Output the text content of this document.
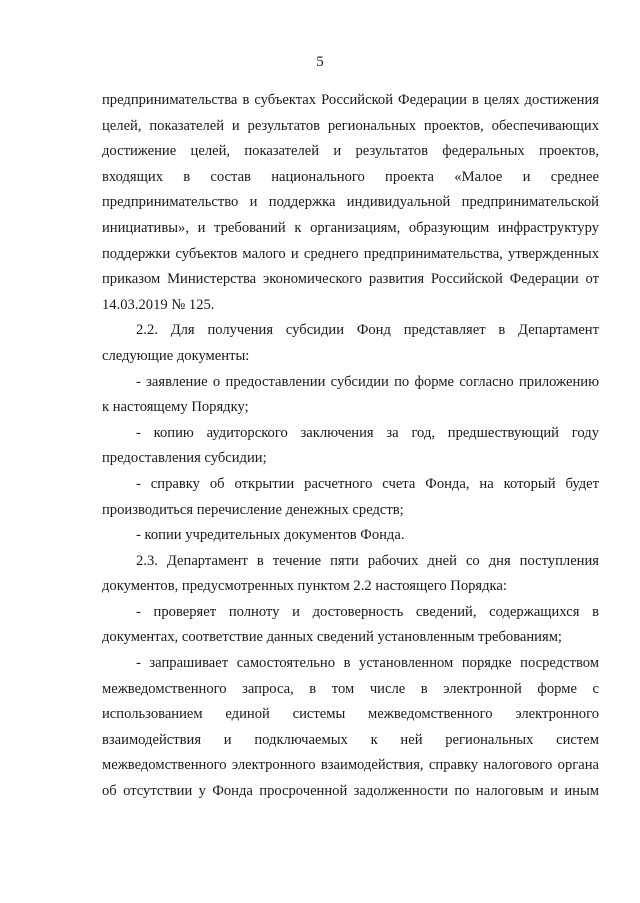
5
предпринимательства в субъектах Российской Федерации в целях достижения
целей, показателей и результатов региональных проектов, обеспечивающих
достижение целей, показателей и результатов федеральных проектов,
входящих в состав национального проекта «Малое и среднее
предпринимательство и поддержка индивидуальной предпринимательской
инициативы», и требований к организациям, образующим инфраструктуру
поддержки субъектов малого и среднего предпринимательства, утвержденных
приказом Министерства экономического развития Российской Федерации от
14.03.2019 № 125.
2.2. Для получения субсидии Фонд представляет в Департамент
следующие документы:
- заявление о предоставлении субсидии по форме согласно приложению
к настоящему Порядку;
- копию аудиторского заключения за год, предшествующий году
предоставления субсидии;
- справку об открытии расчетного счета Фонда, на который будет
производиться перечисление денежных средств;
- копии учредительных документов Фонда.
2.3. Департамент в течение пяти рабочих дней со дня поступления
документов, предусмотренных пунктом 2.2 настоящего Порядка:
- проверяет полноту и достоверность сведений, содержащихся в
документах, соответствие данных сведений установленным требованиям;
- запрашивает самостоятельно в установленном порядке посредством
межведомственного запроса, в том числе в электронной форме с
использованием единой системы межведомственного электронного
взаимодействия и подключаемых к ней региональных систем
межведомственного электронного взаимодействия, справку налогового органа
об отсутствии у Фонда просроченной задолженности по налоговым и иным
